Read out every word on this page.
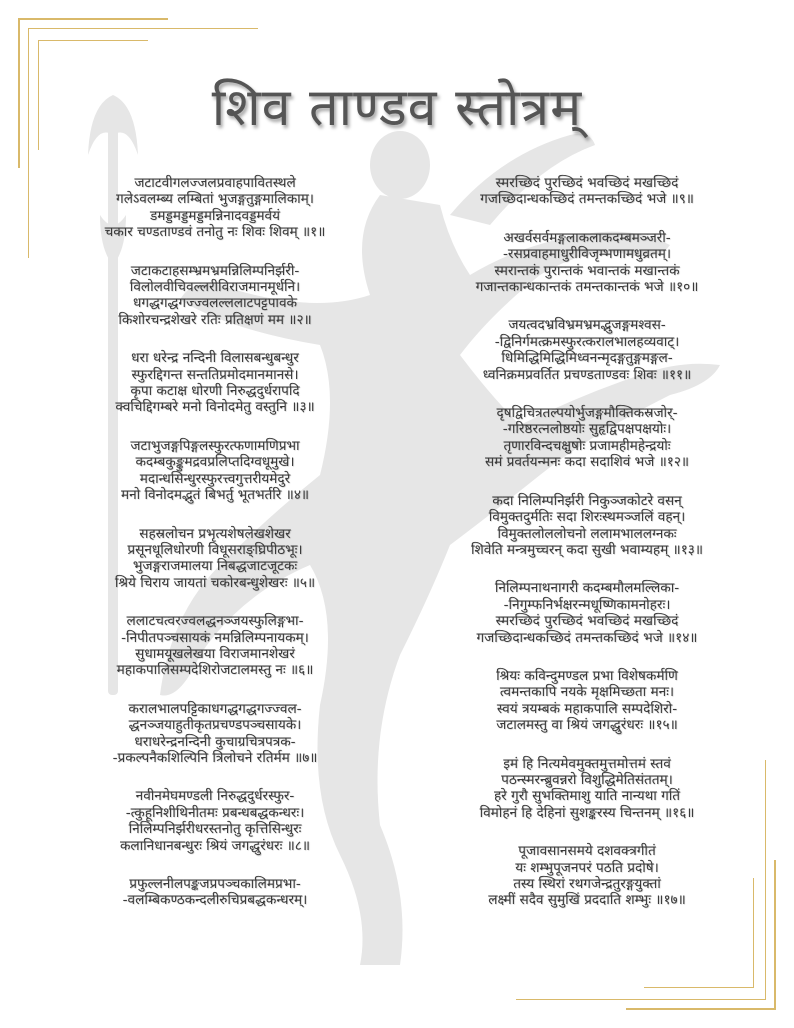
शिव ताण्डव स्तोत्रम्
जटाटवीगलज्जलप्रवाहपावितस्थले
गलेऽवलम्ब्य लम्बितां भुजङ्गतुङ्गमालिकाम्।
डमड्डमड्डमड्डमन्निनादवड्डमर्वयं
चकार चण्डताण्डवं तनोतु नः शिवः शिवम् ॥१॥
जटाकटाहसम्भ्रमभ्रमन्निलिम्पनिर्झरी-
विलोलवीचिवल्लरीविराजमानमूर्धनि।
धगद्धगद्धगज्ज्वलल्ललाटपट्टपावके
किशोरचन्द्रशेखरे रतिः प्रतिक्षणं मम ॥२॥
धरा धरेन्द्र नन्दिनी विलासबन्धुबन्धुर
स्फुरद्दिगन्त सन्ततिप्रमोदमानमानसे।
कृपा कटाक्ष धोरणी निरुद्धदुर्धरापदि
क्वचिद्दिगम्बरे मनो विनोदमेतु वस्तुनि ॥३॥
जटाभुजङ्गपिङ्गलस्फुरत्फणामणिप्रभा
कदम्बकुङ्कुमद्रवप्रलिप्तदिग्वधूमुखे।
मदान्धसिन्धुरस्फुरत्त्वगुत्तरीयमेदुरे
मनो विनोदमद्भुतं बिभर्तु भूतभर्तरि ॥४॥
सहस्रलोचन प्रभृत्यशेषलेखशेखर
प्रसूनधूलिधोरणी विधूसराङ्घ्रिपीठभूः।
भुजङ्गराजमालया निबद्धजाटजूटकः
श्रिये चिराय जायतां चकोरबन्धुशेखरः ॥५॥
ललाटचत्वरज्वलद्धनञ्जयस्फुलिङ्गभा-
-निपीतपञ्चसायकं नमन्निलिम्पनायकम्।
सुधामयूखलेखया विराजमानशेखरं
महाकपालिसम्पदेशिरोजटालमस्तु नः ॥६॥
करालभालपट्टिकाधगद्धगद्धगज्ज्वल-
द्धनञ्जयाहुतीकृतप्रचण्डपञ्चसायके।
धराधरेन्द्रनन्दिनी कुचाग्रचित्रपत्रक-
-प्रकल्पनैकशिल्पिनि त्रिलोचने रतिर्मम ॥७॥
नवीनमेघमण्डली निरुद्धदुर्धरस्फुर-
-त्कुहूनिशीथिनीतमः प्रबन्धबद्धकन्धरः।
निलिम्पनिर्झरीधरस्तनोतु कृत्तिसिन्धुरः
कलानिधानबन्धुरः श्रियं जगद्धुरंधरः ॥८॥
प्रफुल्लनीलपङ्कजप्रपञ्चकालिमप्रभा-
-वलम्बिकण्ठकन्दलीरुचिप्रबद्धकन्धरम्।
स्मरच्छिदं पुरच्छिदं भवच्छिदं मखच्छिदं
गजच्छिदान्धकच्छिदं तमन्तकच्छिदं भजे ॥९॥
अखर्वसर्वमङ्गलाकलाकदम्बमञ्जरी-
-रसप्रवाहमाधुरीविजृम्भणामधुव्रतम्।
स्मरान्तकं पुरान्तकं भवान्तकं मखान्तकं
गजान्तकान्धकान्तकं तमन्तकान्तकं भजे ॥१०॥
जयत्वदभ्रविभ्रमभ्रमद्भुजङ्गमश्वस-
-द्विनिर्गमत्क्रमस्फुरत्करालभालहव्यवाट्।
धिमिद्धिमिद्धिमिध्वनन्मृदङ्गतुङ्गमङ्गल-
ध्वनिक्रमप्रवर्तित प्रचण्डताण्डवः शिवः ॥११॥
दृषद्विचित्रतल्पयोर्भुजङ्गमौक्तिकस्रजोर्-
-गरिष्ठरत्नलोष्ठयोः सुहृद्विपक्षपक्षयोः।
तृणारविन्दचक्षुषोः प्रजामहीमहेन्द्रयोः
समं प्रवर्तयन्मनः कदा सदाशिवं भजे ॥१२॥
कदा निलिम्पनिर्झरी निकुञ्जकोटरे वसन्
विमुक्तदुर्मतिः सदा शिरःस्थमञ्जलिं वहन्।
विमुक्तलोललोचनो ललामभाललग्नकः
शिवेति मन्त्रमुच्चरन् कदा सुखी भवाम्यहम् ॥१३॥
निलिम्पनाथनागरी कदम्बमौलमल्लिका-
-निगुम्फनिर्भक्षरन्मधूष्णिकामनोहरः।
स्मरच्छिदं पुरच्छिदं भवच्छिदं मखच्छिदं
गजच्छिदान्धकच्छिदं तमन्तकच्छिदं भजे ॥१४॥
श्रियः कविन्दुमण्डल प्रभा विशेषकर्मणि
त्वमन्तकापि नयके मृक्षमिच्छता मनः।
स्वयं त्रयम्बकं महाकपालि सम्पदेशिरो-
जटालमस्तु वा श्रियं जगद्धुरंधरः ॥१५॥
इमं हि नित्यमेवमुक्तमुत्तमोत्तमं स्तवं
पठन्स्मरन्ब्रुवन्नरो विशुद्धिमेतिसंततम्।
हरे गुरौ सुभक्तिमाशु याति नान्यथा गतिं
विमोहनं हि देहिनां सुशङ्करस्य चिन्तनम् ॥१६॥
पूजावसानसमये दशवक्त्रगीतं
यः शम्भुपूजनपरं पठति प्रदोषे।
तस्य स्थिरां रथगजेन्द्रतुरङ्गयुक्तां
लक्ष्मीं सदैव सुमुखिं प्रददाति शम्भुः ॥१७॥
